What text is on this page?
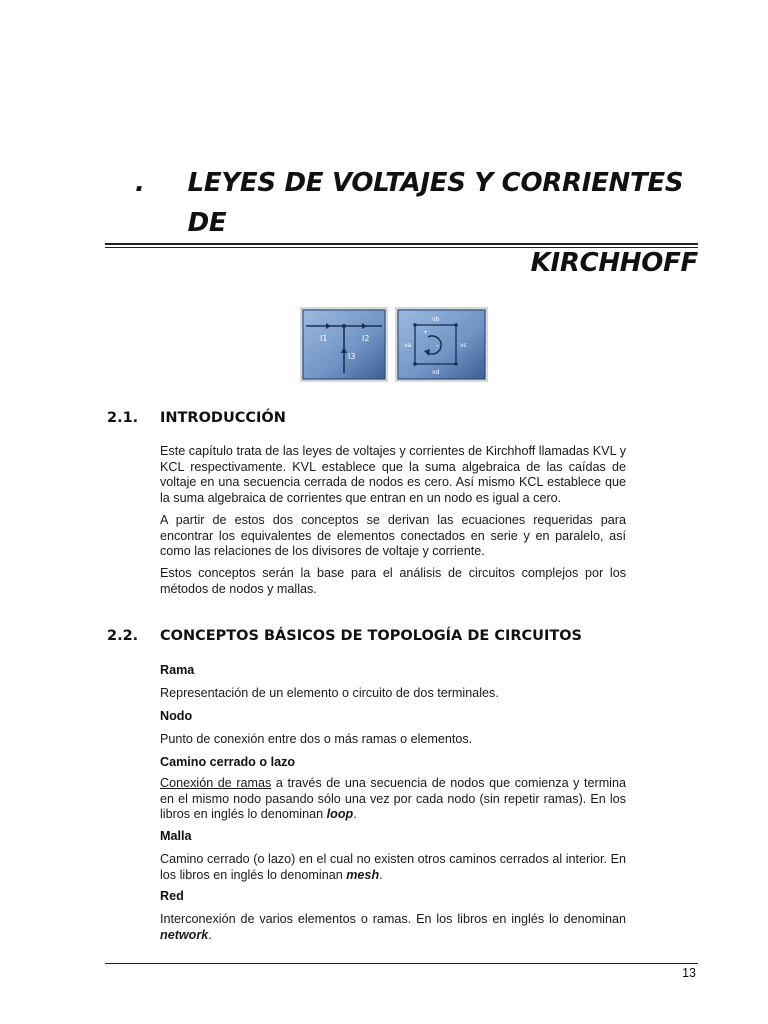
.	LEYES DE VOLTAJES Y CORRIENTES DE
KIRCHHOFF
I1	I2
I3
vb
va	vc
vd
+
-
2.1.	INTRODUCCIÓN

Este capítulo trata de las leyes de voltajes y corrientes de Kirchhoff llamadas KVL y KCL respectivamente. KVL establece que la suma algebraica de las caídas de voltaje en una secuencia cerrada de nodos es cero. Así mismo KCL establece que la suma algebraica de corrientes que entran en un nodo es igual a cero.

A partir de estos dos conceptos se derivan las ecuaciones requeridas para encontrar los equivalentes de elementos conectados en serie y en paralelo, así como las relaciones de los divisores de voltaje y corriente.

Estos conceptos serán la base para el análisis de circuitos complejos por los métodos de nodos y mallas.

2.2.	CONCEPTOS BÁSICOS DE TOPOLOGÍA DE CIRCUITOS

Rama

Representación de un elemento o circuito de dos terminales.

Nodo

Punto de conexión entre dos o más ramas o elementos.

Camino cerrado o lazo

Conexión de ramas a través de una secuencia de nodos que comienza y termina en el mismo nodo pasando sólo una vez por cada nodo (sin repetir ramas). En los libros en inglés lo denominan loop.

Malla

Camino cerrado (o lazo) en el cual no existen otros caminos cerrados al interior. En los libros en inglés lo denominan mesh.

Red

Interconexión de varios elementos o ramas. En los libros en inglés lo denominan network.

13
